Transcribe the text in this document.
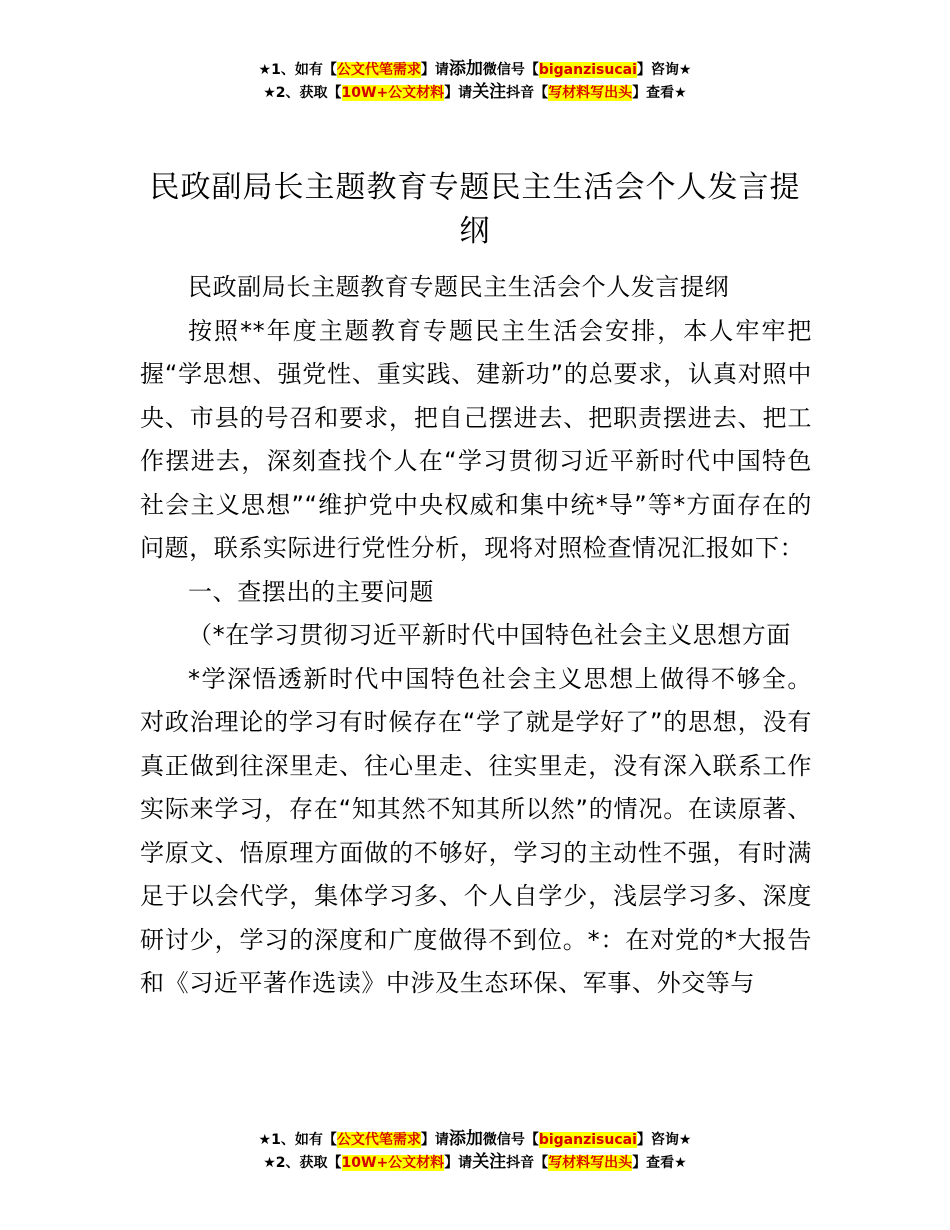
★1、如有【公文代笔需求】请添加微信号【biganzisucai】咨询★
★2、获取【10W+公文材料】请关注抖音【写材料写出头】查看★
民政副局长主题教育专题民主生活会个人发言提纲

民政副局长主题教育专题民主生活会个人发言提纲

按照**年度主题教育专题民主生活会安排，本人牢牢把握“学思想、强党性、重实践、建新功”的总要求，认真对照中央、市县的号召和要求，把自己摆进去、把职责摆进去、把工作摆进去，深刻查找个人在“学习贯彻习近平新时代中国特色社会主义思想”“维护党中央权威和集中统*导”等*方面存在的问题，联系实际进行党性分析，现将对照检查情况汇报如下：

一、查摆出的主要问题

（*在学习贯彻习近平新时代中国特色社会主义思想方面

*学深悟透新时代中国特色社会主义思想上做得不够全。对政治理论的学习有时候存在“学了就是学好了”的思想，没有真正做到往深里走、往心里走、往实里走，没有深入联系工作实际来学习，存在“知其然不知其所以然”的情况。在读原著、学原文、悟原理方面做的不够好，学习的主动性不强，有时满足于以会代学，集体学习多、个人自学少，浅层学习多、深度研讨少，学习的深度和广度做得不到位。*：在对党的*大报告和《习近平著作选读》中涉及生态环保、军事、外交等与

★1、如有【公文代笔需求】请添加微信号【biganzisucai】咨询★
★2、获取【10W+公文材料】请关注抖音【写材料写出头】查看★
